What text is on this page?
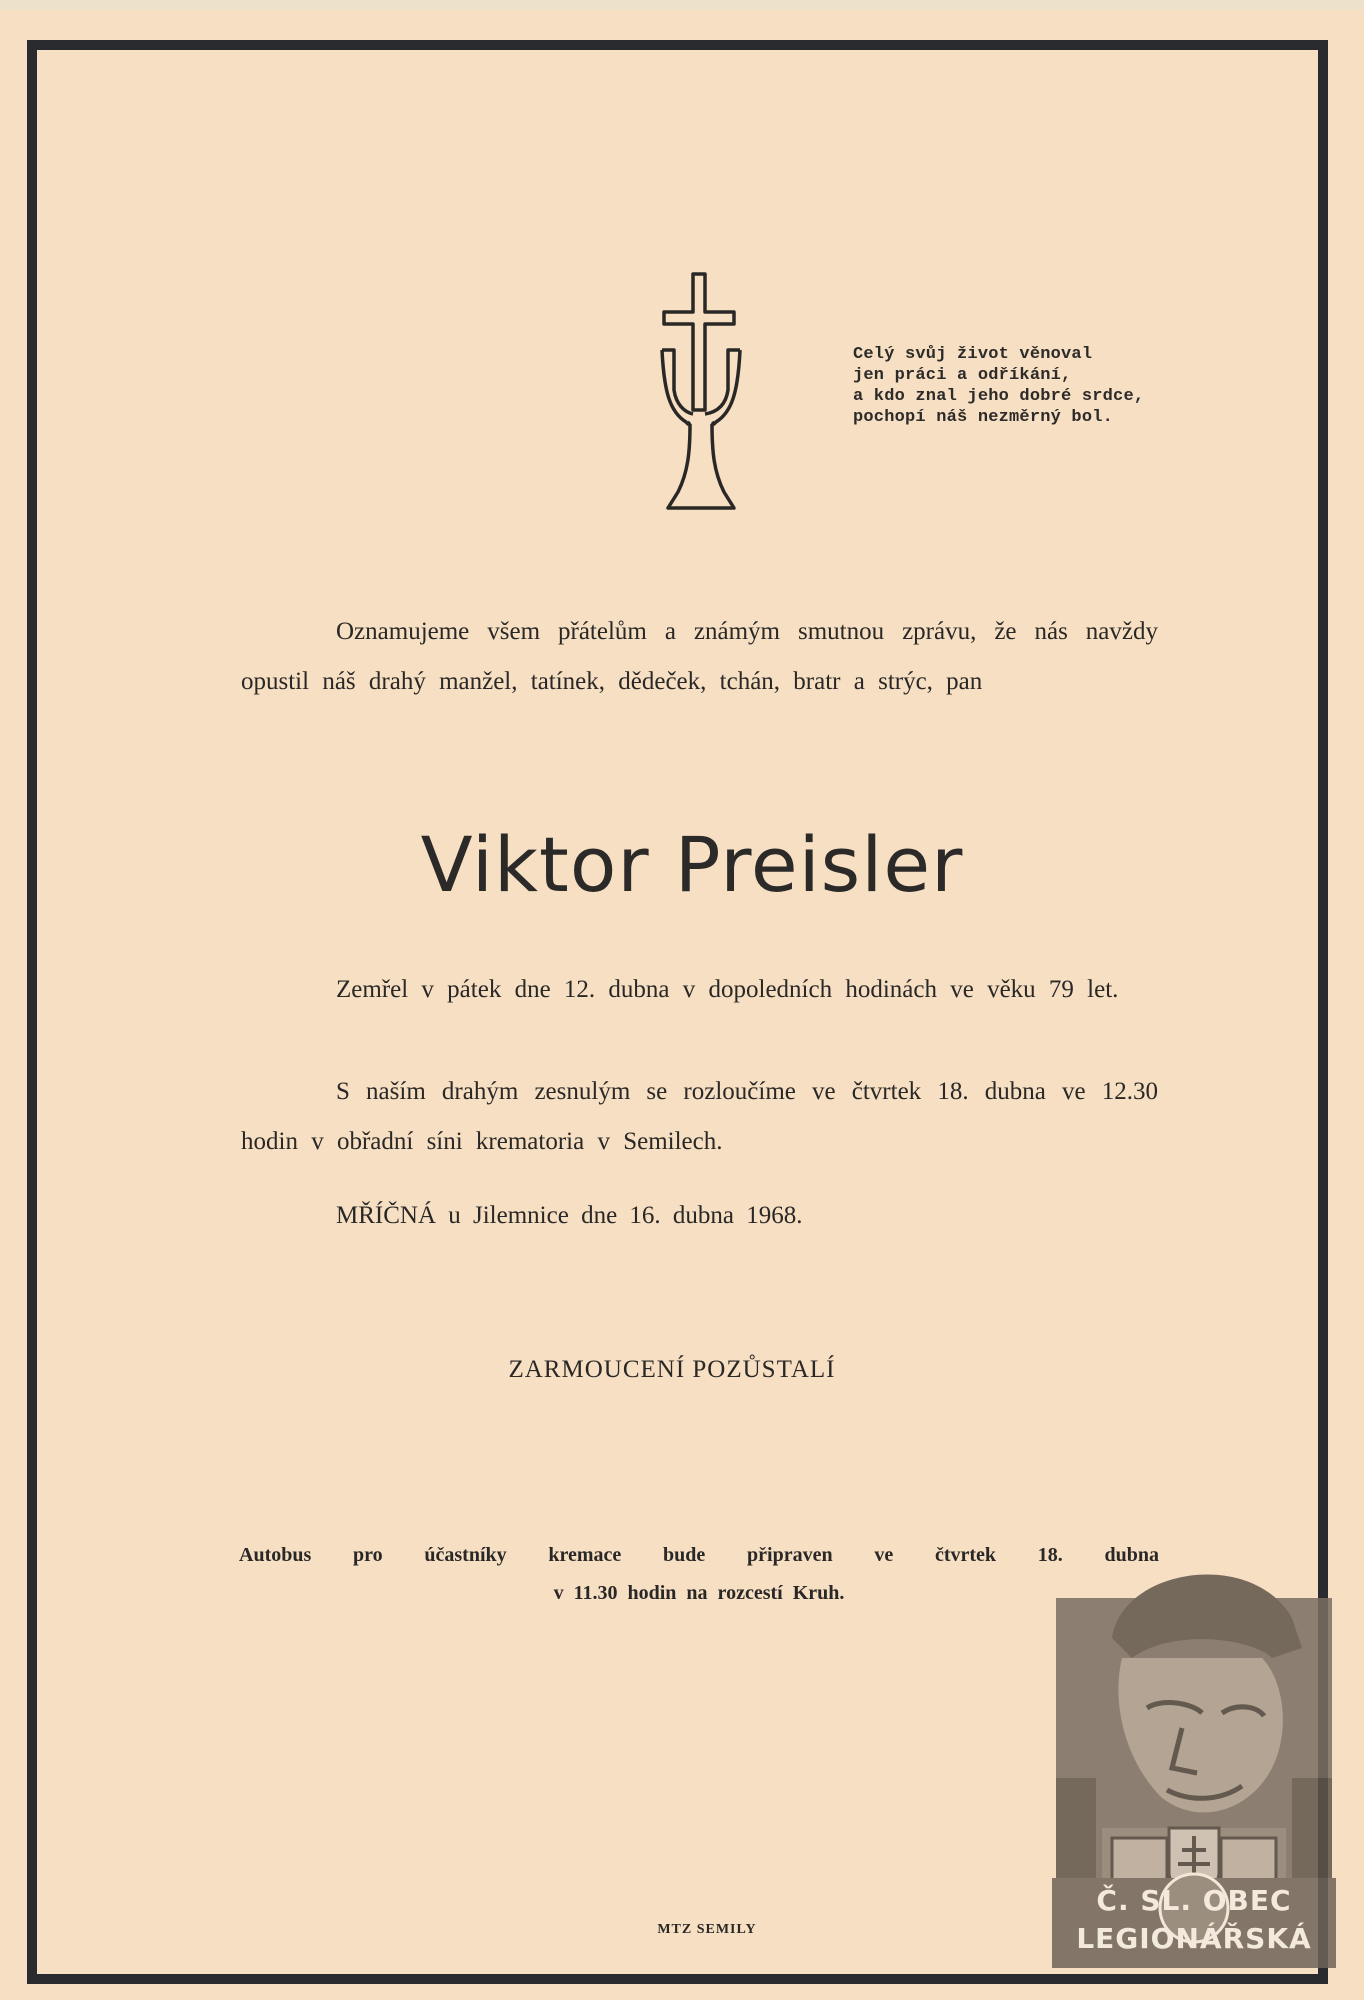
Celý svůj život věnoval
jen práci a odříkání,
a kdo znal jeho dobré srdce,
pochopí náš nezměrný bol.
Oznamujeme všem přátelům a známým smutnou zprávu, že nás navždy opustil náš drahý manžel, tatínek, dědeček, tchán, bratr a strýc, pan
Viktor Preisler
Zemřel v pátek dne 12. dubna v dopoledních hodinách ve věku 79 let.
S naším drahým zesnulým se rozloučíme ve čtvrtek 18. dubna ve 12.30 hodin v obřadní síni krematoria v Semilech.
MŘÍČNÁ u Jilemnice dne 16. dubna 1968.
ZARMOUCENÍ POZŮSTALÍ
Autobus pro účastníky kremace bude připraven ve čtvrtek 18. dubna
v 11.30 hodin na rozcestí Kruh.
MTZ SEMILY
Č. SL. OBEC
LEGIONÁŘSKÁ
